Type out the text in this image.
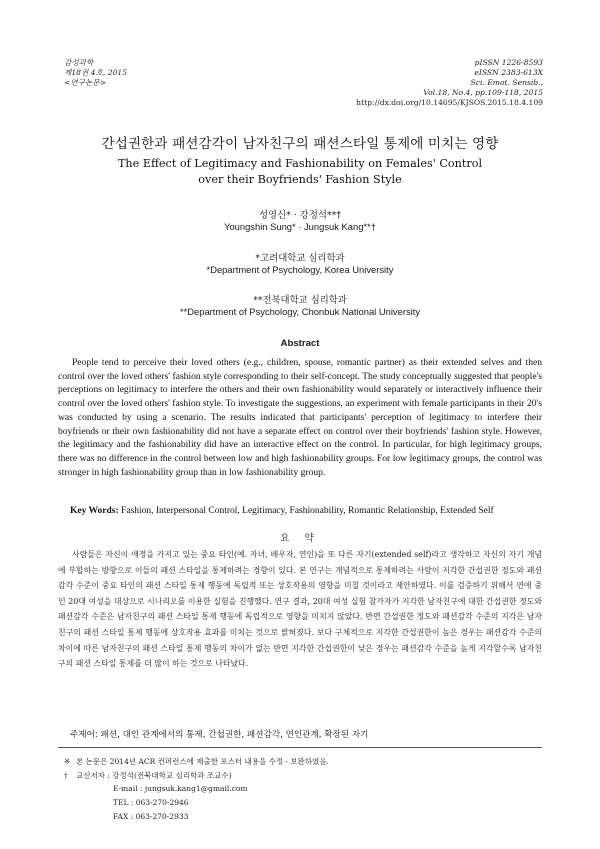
감성과학
제18권 4호, 2015
<연구논문>
pISSN 1226-8593
eISSN 2383-613X
Sci. Emot. Sensib.,
Vol.18, No.4, pp.109-118, 2015
http://dx.doi.org/10.14695/KJSOS.2015.18.4.109
간섭권한과 패션감각이 남자친구의 패션스타일 통제에 미치는 영향
The Effect of Legitimacy and Fashionability on Females' Control
over their Boyfriends' Fashion Style
성영신* · 강정석**†
Youngshin Sung* · Jungsuk Kang**†
*고려대학교 심리학과
*Department of Psychology, Korea University
**전북대학교 심리학과
**Department of Psychology, Chonbuk National University
Abstract

People tend to perceive their loved others (e.g., children, spouse, romantic partner) as their extended selves and then control over the loved others' fashion style corresponding to their self-concept. The study conceptually suggested that people's perceptions on legitimacy to interfere the others and their own fashionability would separately or interactively influence their control over the loved others' fashion style. To investigate the suggestions, an experiment with female participants in their 20's was conducted by using a scenario. The results indicated that participants' perception of legitimacy to interfere their boyfriends or their own fashionability did not have a separate effect on control over their boyfriends' fashion style. However, the legitimacy and the fashionability did have an interactive effect on the control. In particular, for high legitimacy groups, there was no difference in the control between low and high fashionability groups. For low legitimacy groups, the control was stronger in high fashionability group than in low fashionability group.

Key Words: Fashion, Interpersonal Control, Legitimacy, Fashionability, Romantic Relationship, Extended Self
요 약

사람들은 자신이 애정을 가지고 있는 중요 타인(예. 자녀, 배우자, 연인)을 또 다른 자기(extended self)라고 생각하고 자신의 자기 개념에 부합하는 방향으로 이들의 패션 스타일을 통제하려는 경향이 있다. 본 연구는 개념적으로 통제하려는 사람이 지각한 간섭권한 정도와 패션감각 수준이 중요 타인의 패션 스타일 통제 행동에 독립적 또는 상호작용의 영향을 미칠 것이라고 제안하였다. 이를 검증하기 위해서 연애 중인 20대 여성을 대상으로 시나리오를 이용한 실험을 진행했다. 연구 결과, 20대 여성 실험 참가자가 지각한 남자친구에 대한 간섭권한 정도와 패션감각 수준은 남자친구의 패션 스타일 통제 행동에 독립적으로 영향을 미치지 않았다. 반면 간섭권한 정도와 패션감각 수준의 지각은 남자친구의 패션 스타일 통제 행동에 상호작용 효과를 미치는 것으로 밝혀졌다. 보다 구체적으로 지각한 간섭권한이 높은 경우는 패션감각 수준의 차이에 따른 남자친구의 패션 스타일 통제 행동의 차이가 없는 반면 지각한 간섭권한이 낮은 경우는 패션감각 수준을 높게 지각할수록 남자친구의 패션 스타일 통제를 더 많이 하는 것으로 나타났다.

주제어: 패션, 대인 관계에서의 통제, 간섭권한, 패션감각, 연인관계, 확장된 자기
※ 본 논문은 2014년 ACR 컨퍼런스에 제출한 포스터 내용을 수정 · 보완하였음.
† 교신저자 : 강정석(전북대학교 심리학과 조교수)
E-mail : jungsuk.kang1@gmail.com
TEL : 063-270-2946
FAX : 063-270-2933
